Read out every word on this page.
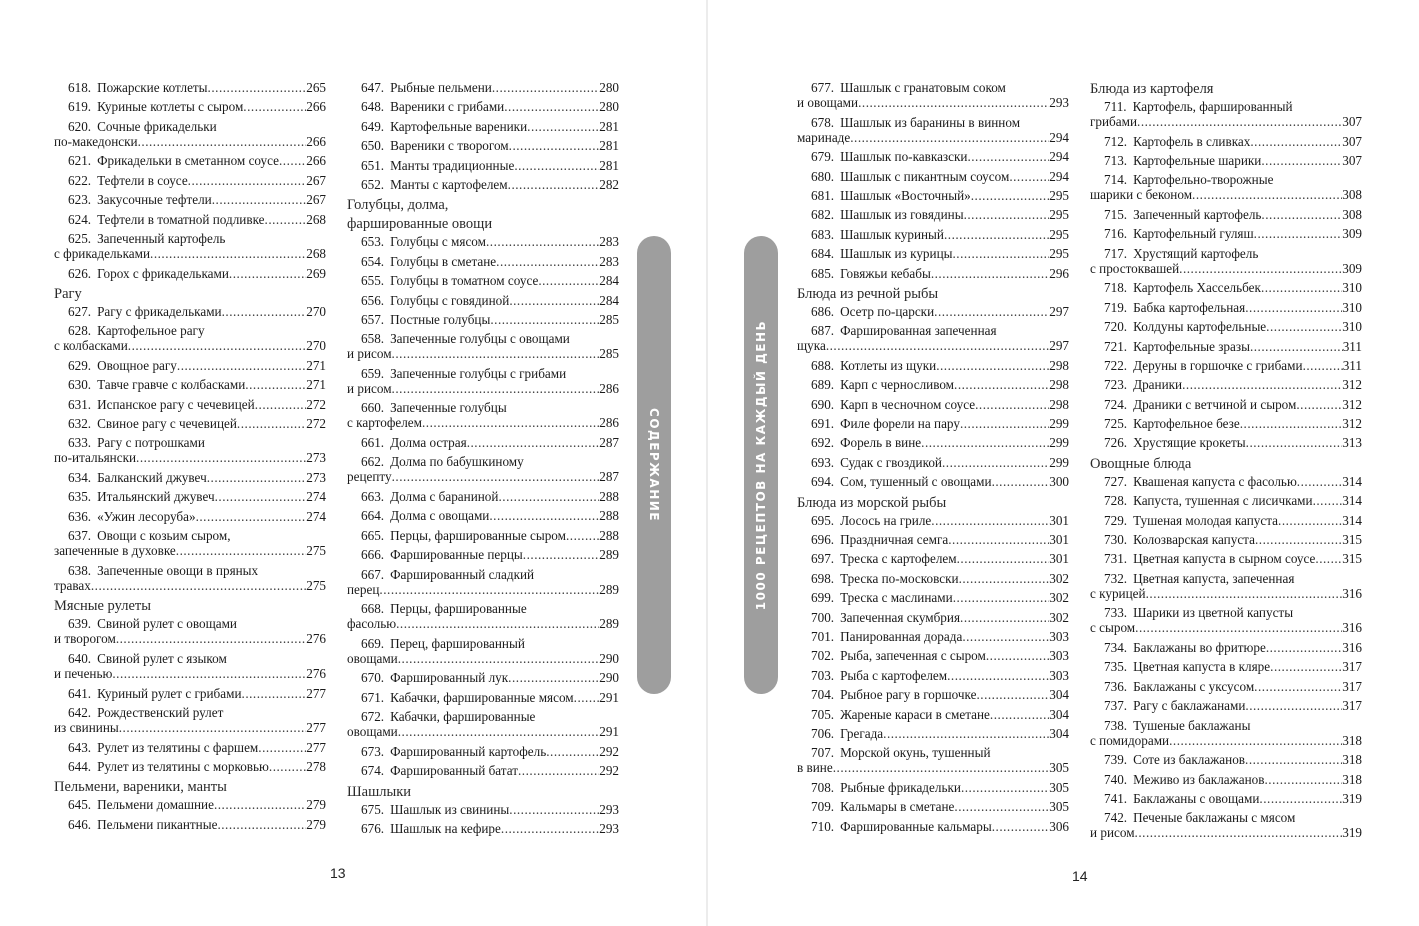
618. Пожарские котлеты .....	265
619. Куриные котлеты с сыром .....	266
620. Сочные фрикадельки
по-македонски .....	266
621. Фрикадельки в сметанном соусе ..... 266
622. Тефтели в соусе .....	267
623. Закусочные тефтели .....	267
624. Тефтели в томатной подливке .....	268
625. Запеченный картофель
с фрикадельками .....	268
626. Горох с фрикадельками .....	269
Рагу
627. Рагу с фрикадельками .....	270
628. Картофельное рагу
с колбасками .....	270
629. Овощное рагу .....	271
630. Тавче гравче с колбасками .....	271
631. Испанское рагу с чечевицей .....	272
632. Свиное рагу с чечевицей .....	272
633. Рагу с потрошками
по-итальянски .....	273
634. Балканский джувеч .....	273
635. Итальянский джувеч .....	274
636. «Ужин лесоруба» .....	274
637. Овощи с козьим сыром,
запеченные в духовке .....	275
638. Запеченные овощи в пряных
травах .....	275
Мясные рулеты
639. Свиной рулет с овощами
и творогом .....	276
640. Свиной рулет с языком
и печенью .....	276
641. Куриный рулет с грибами .....	277
642. Рождественский рулет
из свинины .....	277
643. Рулет из телятины с фаршем .....	277
644. Рулет из телятины с морковью .....	278
Пельмени, вареники, манты
645. Пельмени домашние .....	279
646. Пельмени пикантные .....	279
647. Рыбные пельмени .....	280
648. Вареники с грибами .....	280
649. Картофельные вареники .....	281
650. Вареники с творогом .....	281
651. Манты традиционные .....	281
652. Манты с картофелем .....	282
Голубцы, долма,
фаршированные овощи
653. Голубцы с мясом .....	283
654. Голубцы в сметане .....	283
655. Голубцы в томатном соусе .....	284
656. Голубцы с говядиной .....	284
657. Постные голубцы .....	285
658. Запеченные голубцы с овощами
и рисом .....	285
659. Запеченные голубцы с грибами
и рисом .....	286
660. Запеченные голубцы
с картофелем .....	286
661. Долма острая .....	287
662. Долма по бабушкиному
рецепту .....	287
663. Долма с бараниной .....	288
664. Долма с овощами .....	288
665. Перцы, фаршированные сыром .....	288
666. Фаршированные перцы .....	289
667. Фаршированный сладкий
перец .....	289
668. Перцы, фаршированные
фасолью .....	289
669. Перец, фаршированный
овощами .....	290
670. Фаршированный лук .....	290
671. Кабачки, фаршированные мясом ..... 291
672. Кабачки, фаршированные
овощами .....	291
673. Фаршированный картофель .....	292
674. Фаршированный батат .....	292
Шашлыки
675. Шашлык из свинины .....	293
676. Шашлык на кефире .....	293
677. Шашлык с гранатовым соком
и овощами .....	293
678. Шашлык из баранины в винном
маринаде .....	294
679. Шашлык по-кавказски .....	294
680. Шашлык с пикантным соусом .....	294
681. Шашлык «Восточный» .....	295
682. Шашлык из говядины .....	295
683. Шашлык куриный .....	295
684. Шашлык из курицы .....	295
685. Говяжьи кебабы .....	296
Блюда из речной рыбы
686. Осетр по-царски .....	297
687. Фаршированная запеченная
щука .....	297
688. Котлеты из щуки .....	298
689. Карп с черносливом .....	298
690. Карп в чесночном соусе .....	298
691. Филе форели на пару .....	299
692. Форель в вине .....	299
693. Судак с гвоздикой .....	299
694. Сом, тушенный с овощами .....	300
Блюда из морской рыбы
695. Лосось на гриле .....	301
696. Праздничная семга .....	301
697. Треска с картофелем .....	301
698. Треска по-московски .....	302
699. Треска с маслинами .....	302
700. Запеченная скумбрия .....	302
701. Панированная дорада .....	303
702. Рыба, запеченная с сыром .....	303
703. Рыба с картофелем .....	303
704. Рыбное рагу в горшочке .....	304
705. Жареные караси в сметане .....	304
706. Грегада .....	304
707. Морской окунь, тушенный
в вине .....	305
708. Рыбные фрикадельки .....	305
709. Кальмары в сметане .....	305
710. Фаршированные кальмары .....	306
Блюда из картофеля
711. Картофель, фаршированный
грибами .....	307
712. Картофель в сливках .....	307
713. Картофельные шарики .....	307
714. Картофельно-творожные
шарики с беконом .....	308
715. Запеченный картофель .....	308
716. Картофельный гуляш .....	309
717. Хрустящий картофель
с простоквашей .....	309
718. Картофель Хассельбек .....	310
719. Бабка картофельная .....	310
720. Колдуны картофельные .....	310
721. Картофельные зразы .....	311
722. Деруны в горшочке с грибами .....	311
723. Драники .....	312
724. Драники с ветчиной и сыром .....	312
725. Картофельное безе .....	312
726. Хрустящие крокеты .....	313
Овощные блюда
727. Квашеная капуста с фасолью .....	314
728. Капуста, тушенная с лисичками ..... 314
729. Тушеная молодая капуста .....	314
730. Колозварская капуста .....	315
731. Цветная капуста в сырном соусе ..... 315
732. Цветная капуста, запеченная
с курицей .....	316
733. Шарики из цветной капусты
с сыром .....	316
734. Баклажаны во фритюре .....	316
735. Цветная капуста в кляре .....	317
736. Баклажаны с уксусом .....	317
737. Рагу с баклажанами .....	317
738. Тушеные баклажаны
с помидорами .....	318
739. Соте из баклажанов .....	318
740. Меживо из баклажанов .....	318
741. Баклажаны с овощами .....	319
742. Печеные баклажаны с мясом
и рисом .....	319
СОДЕРЖАНИЕ	1000 РЕЦЕПТОВ НА КАЖДЫЙ ДЕНЬ
13	14
